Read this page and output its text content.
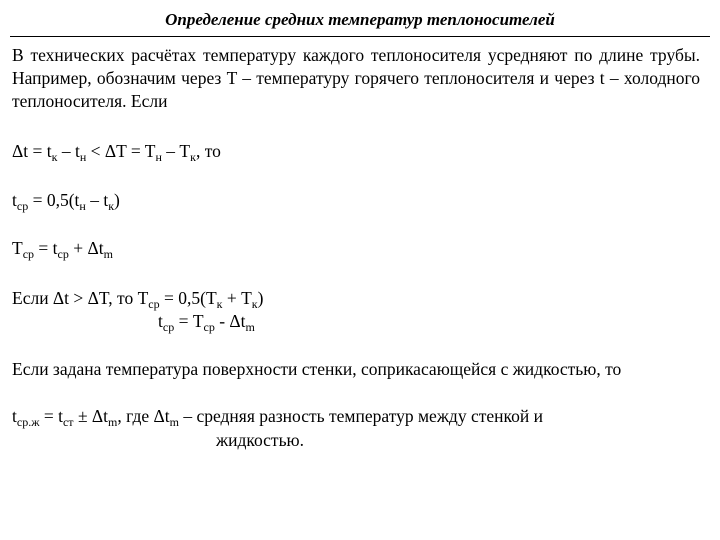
Определение средних температур теплоносителей
В технических расчётах температуру каждого теплоносителя усредняют по длине трубы. Например, обозначим через T – температуру горячего теплоносителя и через t – холодного теплоносителя. Если
$\Delta t = t_к - t_н < \Delta T = T_н - T_к$, то
$t_{ср} = 0,5(t_н - t_к)$
$T_{ср} = t_{ср} + \Delta t_m$
Если Δt > ΔT, то $T_{ср} = 0,5(T_к + T_к)$
$t_{ср} = T_{ср} - \Delta t_m$
Если задана температура поверхности стенки, соприкасающейся с жидкостью, то
$t_{ср.ж} = t_{ст} \pm \Delta t_m$, где $\Delta t_m$ – средняя разность температур между стенкой и
жидкостью.
